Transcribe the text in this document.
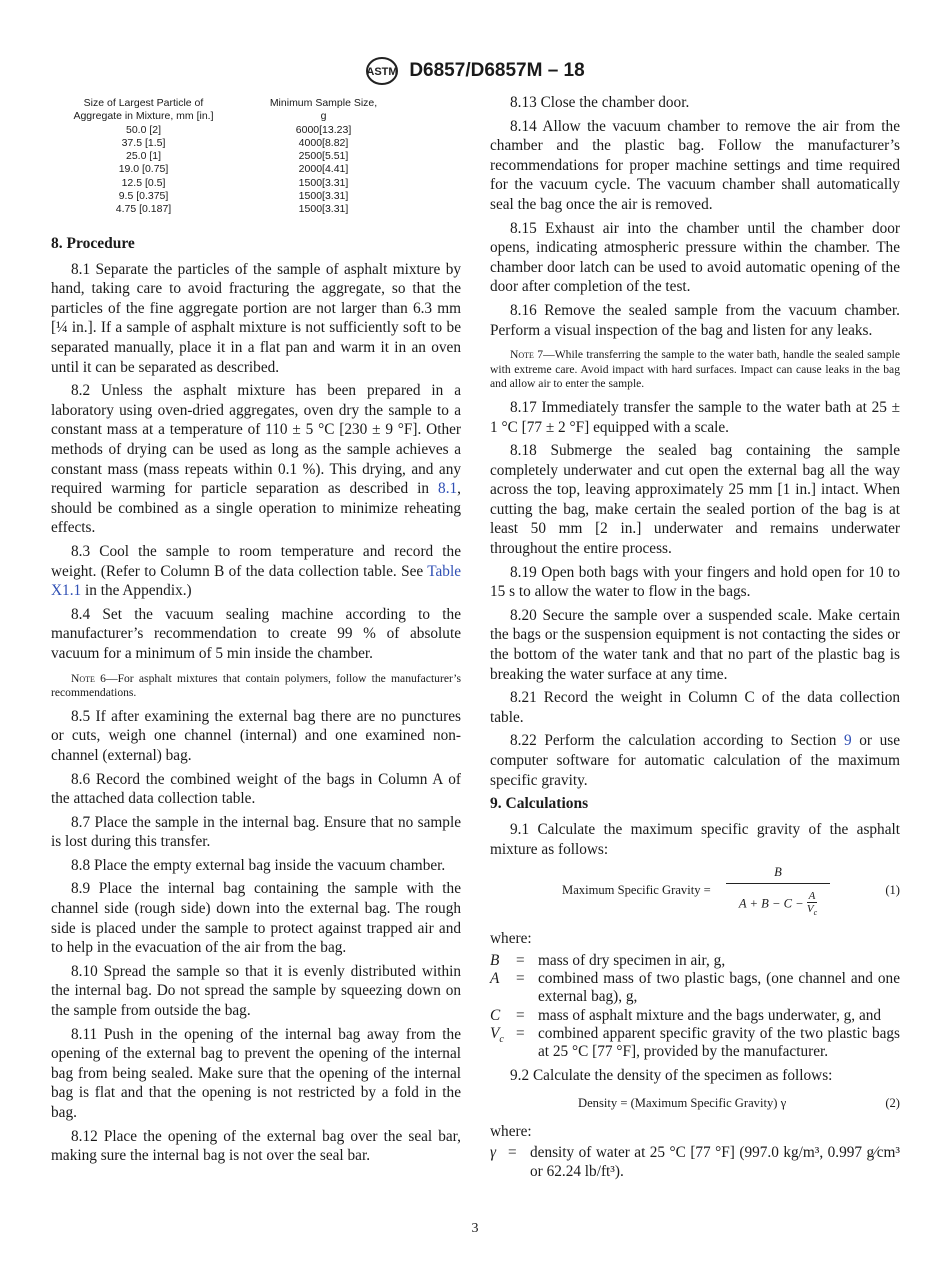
ASTM D6857/D6857M – 18
Size of Largest Particle of	Minimum Sample Size,
Aggregate in Mixture, mm [in.]	g
50.0 [2]	6000[13.23]
37.5 [1.5]	4000[8.82]
25.0 [1]	2500[5.51]
19.0 [0.75]	2000[4.41]
12.5 [0.5]	1500[3.31]
9.5 [0.375]	1500[3.31]
4.75 [0.187]	1500[3.31]
8. Procedure

8.1 Separate the particles of the sample of asphalt mixture by hand, taking care to avoid fracturing the aggregate, so that the particles of the fine aggregate portion are not larger than 6.3 mm [¼ in.]. If a sample of asphalt mixture is not sufficiently soft to be separated manually, place it in a flat pan and warm it in an oven until it can be separated as described.

8.2 Unless the asphalt mixture has been prepared in a laboratory using oven-dried aggregates, oven dry the sample to a constant mass at a temperature of 110 ± 5 °C [230 ± 9 °F]. Other methods of drying can be used as long as the sample achieves a constant mass (mass repeats within 0.1 %). This drying, and any required warming for particle separation as described in 8.1, should be combined as a single operation to minimize reheating effects.

8.3 Cool the sample to room temperature and record the weight. (Refer to Column B of the data collection table. See Table X1.1 in the Appendix.)

8.4 Set the vacuum sealing machine according to the manufacturer’s recommendation to create 99 % of absolute vacuum for a minimum of 5 min inside the chamber.

Note 6—For asphalt mixtures that contain polymers, follow the manufacturer’s recommendations.

8.5 If after examining the external bag there are no punctures or cuts, weigh one channel (internal) and one examined non-channel (external) bag.

8.6 Record the combined weight of the bags in Column A of the attached data collection table.

8.7 Place the sample in the internal bag. Ensure that no sample is lost during this transfer.

8.8 Place the empty external bag inside the vacuum chamber.

8.9 Place the internal bag containing the sample with the channel side (rough side) down into the external bag. The rough side is placed under the sample to protect against trapped air and to help in the evacuation of the air from the bag.

8.10 Spread the sample so that it is evenly distributed within the internal bag. Do not spread the sample by squeezing down on the sample from outside the bag.

8.11 Push in the opening of the internal bag away from the opening of the external bag to prevent the opening of the internal bag from being sealed. Make sure that the opening of the internal bag is flat and that the opening is not restricted by a fold in the bag.

8.12 Place the opening of the external bag over the seal bar, making sure the internal bag is not over the seal bar.

8.13 Close the chamber door.

8.14 Allow the vacuum chamber to remove the air from the chamber and the plastic bag. Follow the manufacturer’s recommendations for proper machine settings and time required for the vacuum cycle. The vacuum chamber shall automatically seal the bag once the air is removed.

8.15 Exhaust air into the chamber until the chamber door opens, indicating atmospheric pressure within the chamber. The chamber door latch can be used to avoid automatic opening of the door after completion of the test.

8.16 Remove the sealed sample from the vacuum chamber. Perform a visual inspection of the bag and listen for any leaks.

Note 7—While transferring the sample to the water bath, handle the sealed sample with extreme care. Avoid impact with hard surfaces. Impact can cause leaks in the bag and allow air to enter the sample.

8.17 Immediately transfer the sample to the water bath at 25 ± 1 °C [77 ± 2 °F] equipped with a scale.

8.18 Submerge the sealed bag containing the sample completely underwater and cut open the external bag all the way across the top, leaving approximately 25 mm [1 in.] intact. When cutting the bag, make certain the sealed portion of the bag is at least 50 mm [2 in.] underwater and remains underwater throughout the entire process.

8.19 Open both bags with your fingers and hold open for 10 to 15 s to allow the water to flow in the bags.

8.20 Secure the sample over a suspended scale. Make certain the bags or the suspension equipment is not contacting the sides or the bottom of the water tank and that no part of the plastic bag is breaking the water surface at any time.

8.21 Record the weight in Column C of the data collection table.

8.22 Perform the calculation according to Section 9 or use computer software for automatic calculation of the maximum specific gravity.

9. Calculations

9.1 Calculate the maximum specific gravity of the asphalt mixture as follows:

Maximum Specific Gravity =
B
$A + B - C - \frac{A}{V_c}$	(1)
where:
B	= mass of dry specimen in air, g,
A	= combined mass of two plastic bags, (one channel and one external bag), g,
C	= mass of asphalt mixture and the bags underwater, g, and
$V_c$ = combined apparent specific gravity of the two plastic bags at 25 °C [77 °F], provided by the manufacturer.

9.2 Calculate the density of the specimen as follows:

Density = (Maximum Specific Gravity) γ	(2)
where:
γ = density of water at 25 °C [77 °F] (997.0 kg/m³, 0.997 g⁄cm³ or 62.24 lb/ft³).
3
